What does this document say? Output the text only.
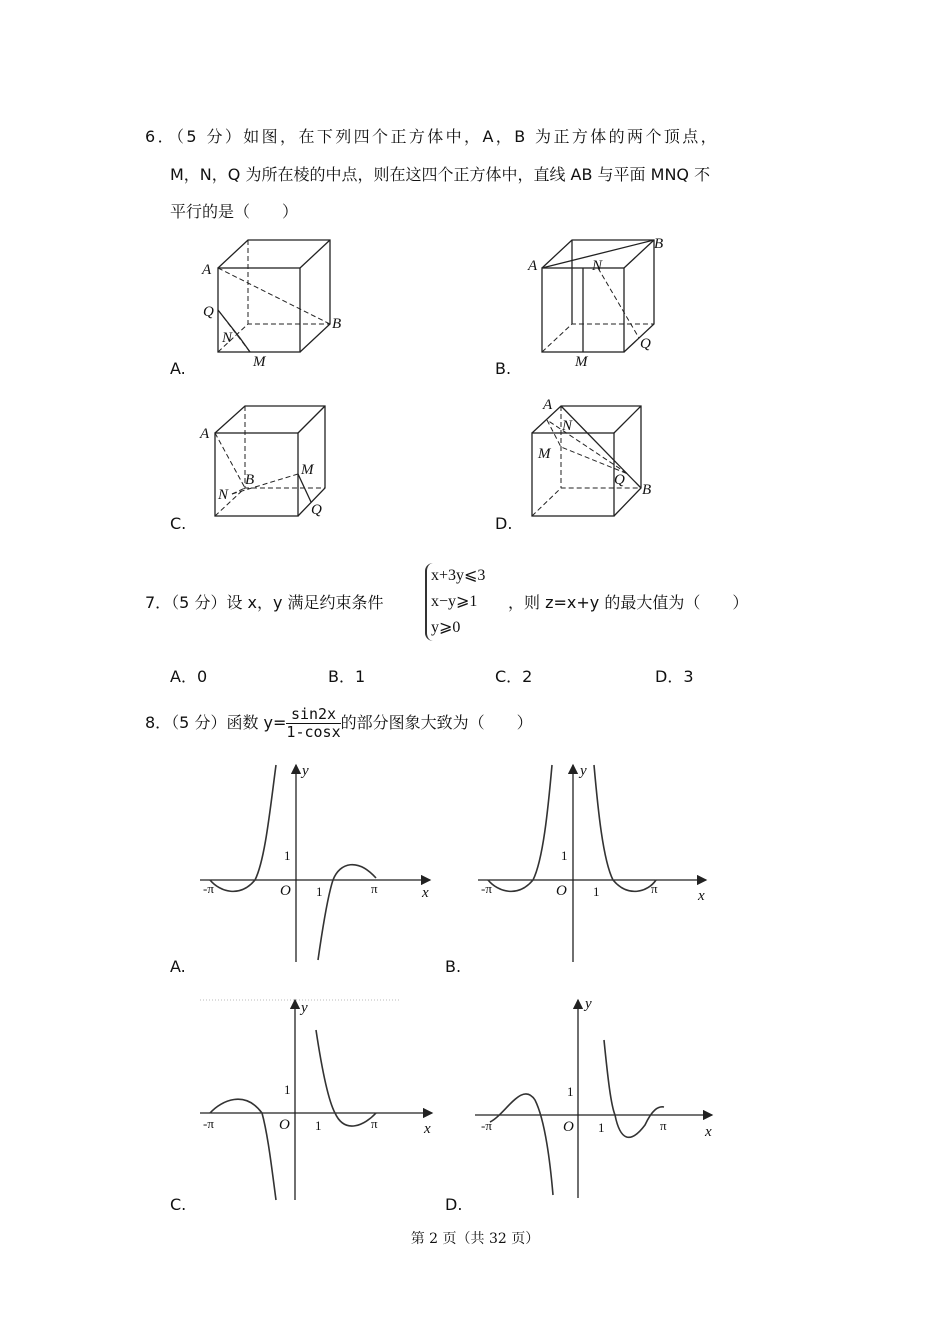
6．（5 分）如图，在下列四个正方体中，A，B 为正方体的两个顶点，
M，N，Q 为所在棱的中点，则在这四个正方体中，直线 AB 与平面 MNQ 不
平行的是（　　）
A
B
Q
N
M
A
B
N
Q
M
A
B
N
M
Q
A
B
N
M
Q
A.	B.
C.	D.
7．（5 分）设 x，y 满足约束条件
x+3y⩽3
x−y⩾1
y⩾0
，则 z=x+y 的最大值为（　　）
A．0	B．1	C．2	D．3
8．（5 分）函数 $y= \frac{\sin 2x}{1-\cos x}$ 的部分图象大致为（　　）
y
x
O
1
1
-π	π
y
x
O
1
1
-π	π
y
x
O
1
1
-π	π
y
x
O
1
1
-π	π
A.	B.
C.	D.
第 2 页（共 32 页）
